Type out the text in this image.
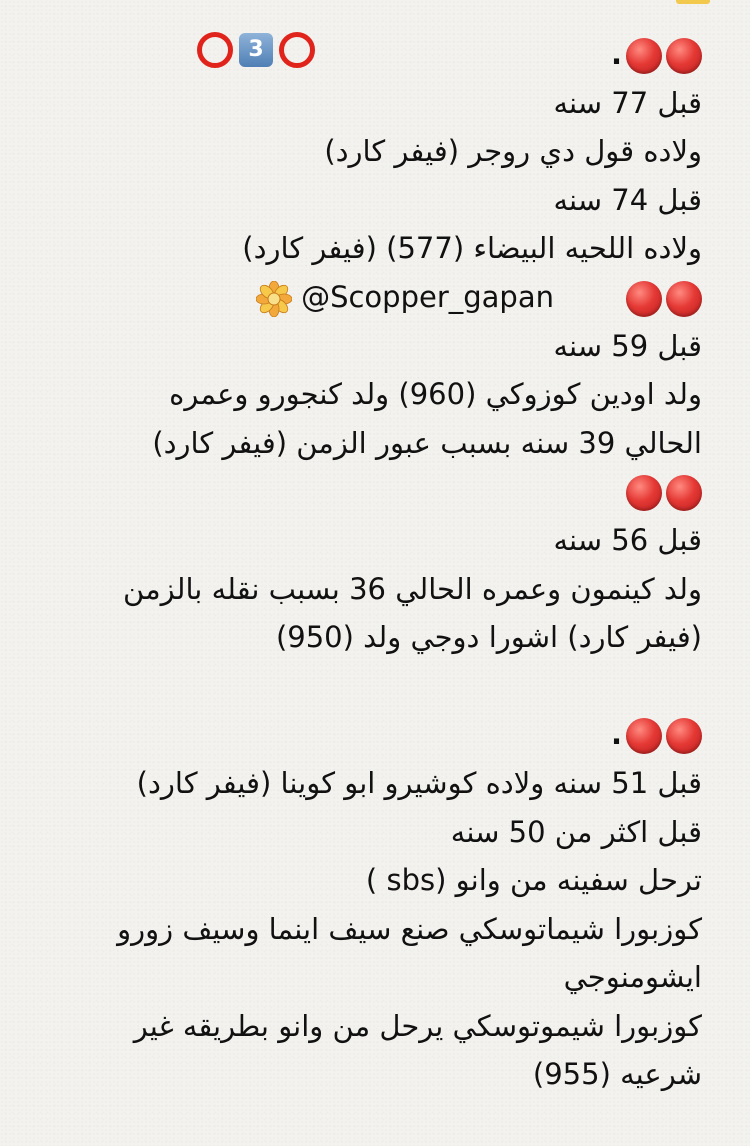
3	.
قبل 77 سنه
ولاده قول دي روجر (فيفر كارد)
قبل 74 سنه
ولاده اللحيه البيضاء (577) (فيفر كارد)
@Scopper_gapan
قبل 59 سنه
ولد اودين كوزوكي (960) ولد كنجورو وعمره
الحالي 39 سنه بسبب عبور الزمن (فيفر كارد)
قبل 56 سنه
ولد كينمون وعمره الحالي 36 بسبب نقله بالزمن
(فيفر كارد) اشورا دوجي ولد (950)
.
قبل 51 سنه ولاده كوشيرو ابو كوينا (فيفر كارد)
قبل اكثر من 50 سنه
ترحل سفينه من وانو (sbs )
كوزبورا شيماتوسكي صنع سيف اينما وسيف زورو
ايشومنوجي
كوزبورا شيموتوسكي يرحل من وانو بطريقه غير
شرعيه (955)
